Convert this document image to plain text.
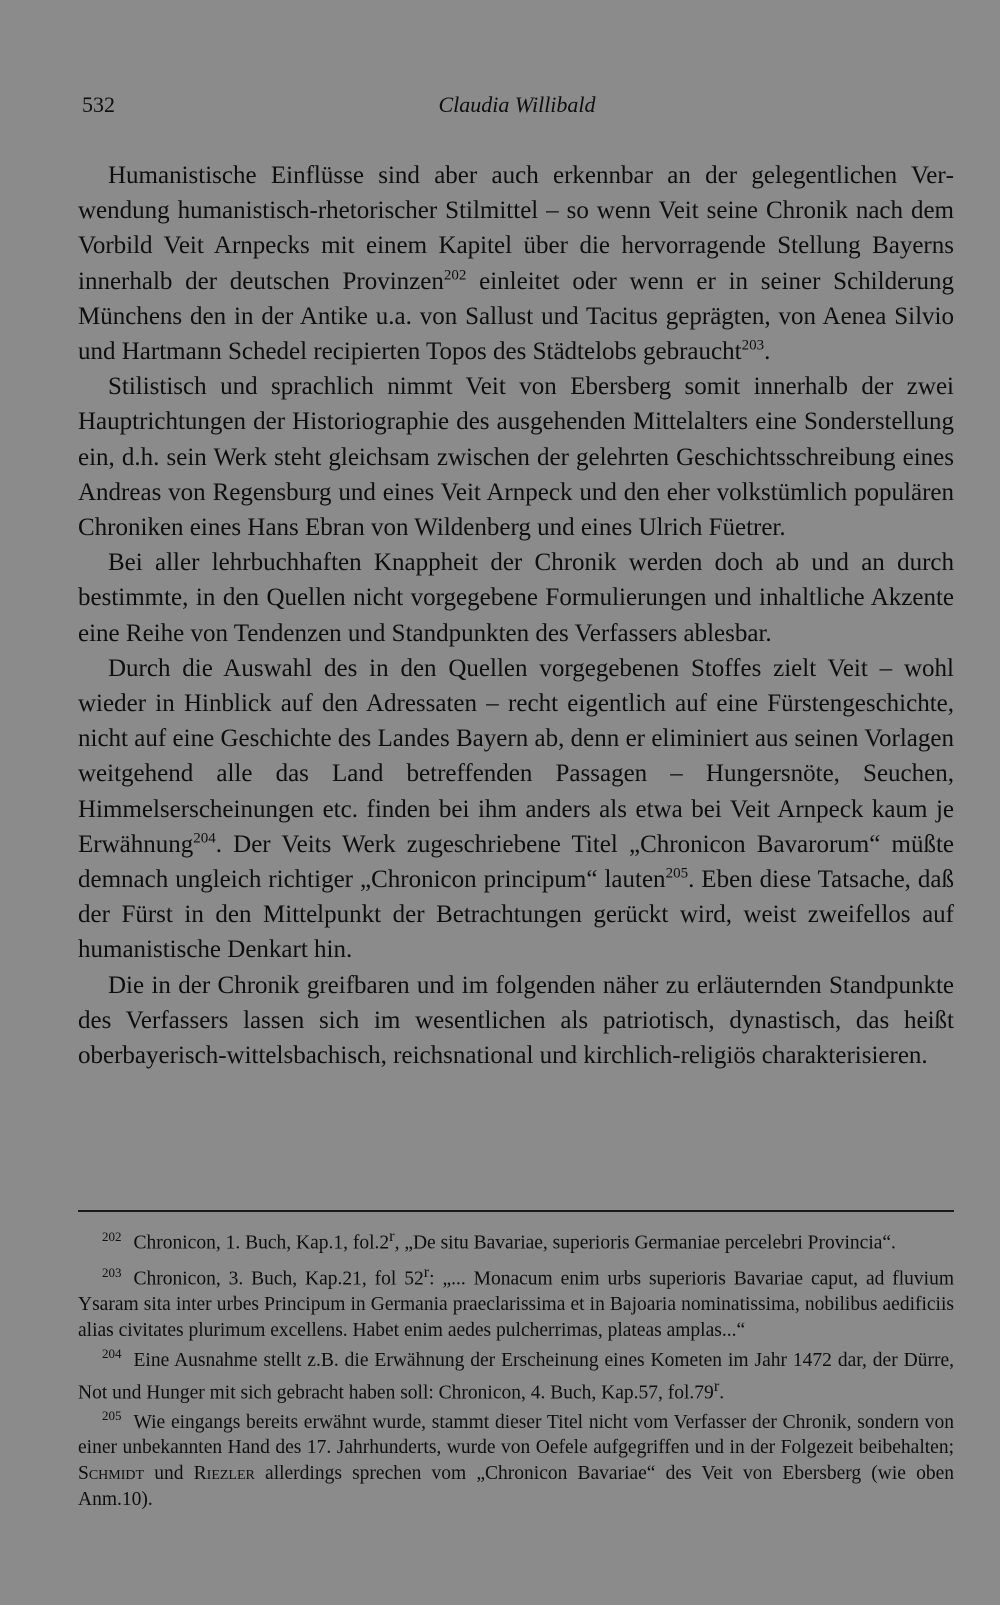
532	Claudia Willibald

Humanistische Einflüsse sind aber auch erkennbar an der gelegentlichen Verwendung humanistisch-rhetorischer Stilmittel – so wenn Veit seine Chronik nach dem Vorbild Veit Arnpecks mit einem Kapitel über die hervorragende Stellung Bayerns innerhalb der deutschen Provinzen$^{202}$ einleitet oder wenn er in seiner Schilderung Münchens den in der Antike u.a. von Sallust und Tacitus geprägten, von Aenea Silvio und Hartmann Schedel recipierten Topos des Städtelobs gebraucht$^{203}$.

Stilistisch und sprachlich nimmt Veit von Ebersberg somit innerhalb der zwei Hauptrichtungen der Historiographie des ausgehenden Mittelalters eine Sonderstellung ein, d.h. sein Werk steht gleichsam zwischen der gelehrten Geschichtsschreibung eines Andreas von Regensburg und eines Veit Arnpeck und den eher volkstümlich populären Chroniken eines Hans Ebran von Wildenberg und eines Ulrich Füetrer.

Bei aller lehrbuchhaften Knappheit der Chronik werden doch ab und an durch bestimmte, in den Quellen nicht vorgegebene Formulierungen und inhaltliche Akzente eine Reihe von Tendenzen und Standpunkten des Verfassers ablesbar.

Durch die Auswahl des in den Quellen vorgegebenen Stoffes zielt Veit – wohl wieder in Hinblick auf den Adressaten – recht eigentlich auf eine Fürstengeschichte, nicht auf eine Geschichte des Landes Bayern ab, denn er eliminiert aus seinen Vorlagen weitgehend alle das Land betreffenden Passagen – Hungersnöte, Seuchen, Himmelserscheinungen etc. finden bei ihm anders als etwa bei Veit Arnpeck kaum je Erwähnung$^{204}$. Der Veits Werk zugeschriebene Titel „Chronicon Bavarorum“ müßte demnach ungleich richtiger „Chronicon principum“ lauten$^{205}$. Eben diese Tatsache, daß der Fürst in den Mittelpunkt der Betrachtungen gerückt wird, weist zweifellos auf humanistische Denkart hin.

Die in der Chronik greifbaren und im folgenden näher zu erläuternden Standpunkte des Verfassers lassen sich im wesentlichen als patriotisch, dynastisch, das heißt oberbayerisch-wittelsbachisch, reichsnational und kirchlich-religiös charakterisieren.

$^{202}$ Chronicon, 1. Buch, Kap.1, fol.2$^r$, „De situ Bavariae, superioris Germaniae percelebri Provincia“.

$^{203}$ Chronicon, 3. Buch, Kap.21, fol 52$^r$: „... Monacum enim urbs superioris Bavariae caput, ad fluvium Ysaram sita inter urbes Principum in Germania praeclarissima et in Bajoaria nominatissima, nobilibus aedificiis alias civitates plurimum excellens. Habet enim aedes pulcherrimas, plateas amplas...“

$^{204}$ Eine Ausnahme stellt z.B. die Erwähnung der Erscheinung eines Kometen im Jahr 1472 dar, der Dürre, Not und Hunger mit sich gebracht haben soll: Chronicon, 4. Buch, Kap.57, fol.79$^r$.

$^{205}$ Wie eingangs bereits erwähnt wurde, stammt dieser Titel nicht vom Verfasser der Chronik, sondern von einer unbekannten Hand des 17. Jahrhunderts, wurde von Oefele aufgegriffen und in der Folgezeit beibehalten; Schmidt und Riezler allerdings sprechen vom „Chronicon Bavariae“ des Veit von Ebersberg (wie oben Anm.10).
